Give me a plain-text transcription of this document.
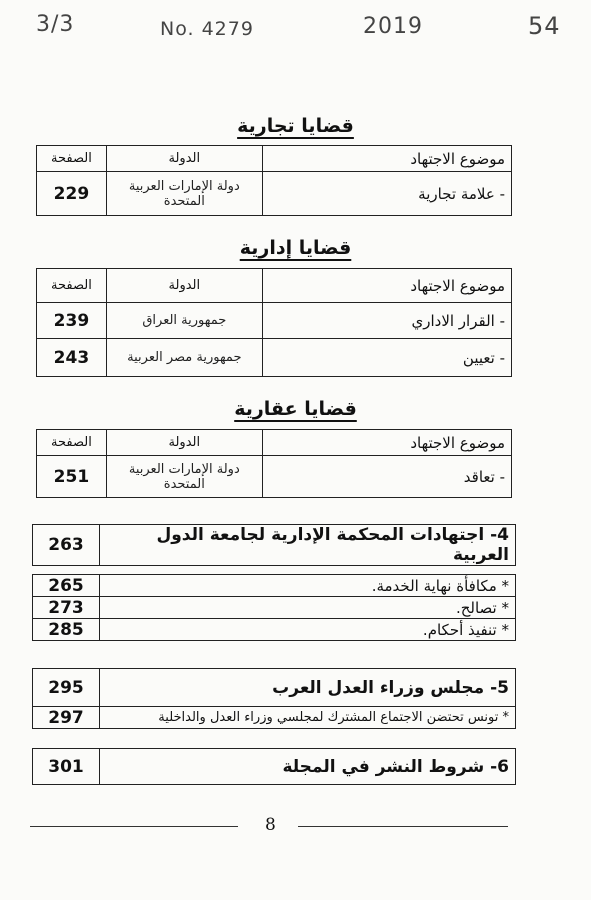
3/3	No. 4279	2019	54
قضايا تجارية
موضوع الاجتهاد	الدولة	الصفحة
- علامة تجارية	دولة الإمارات العربية المتحدة	229
قضايا إدارية
موضوع الاجتهاد	الدولة	الصفحة
- القرار الاداري	جمهورية العراق	239
- تعيين	جمهورية مصر العربية	243
قضايا عقارية
موضوع الاجتهاد	الدولة	الصفحة
- تعاقد	دولة الإمارات العربية المتحدة	251
4- اجتهادات المحكمة الإدارية لجامعة الدول العربية	263
* مكافأة نهاية الخدمة.	265
* تصالح.	273
* تنفيذ أحكام.	285
5- مجلس وزراء العدل العرب	295
* تونس تحتضن الاجتماع المشترك لمجلسي وزراء العدل والداخلية	297
6- شروط النشر في المجلة	301
8
